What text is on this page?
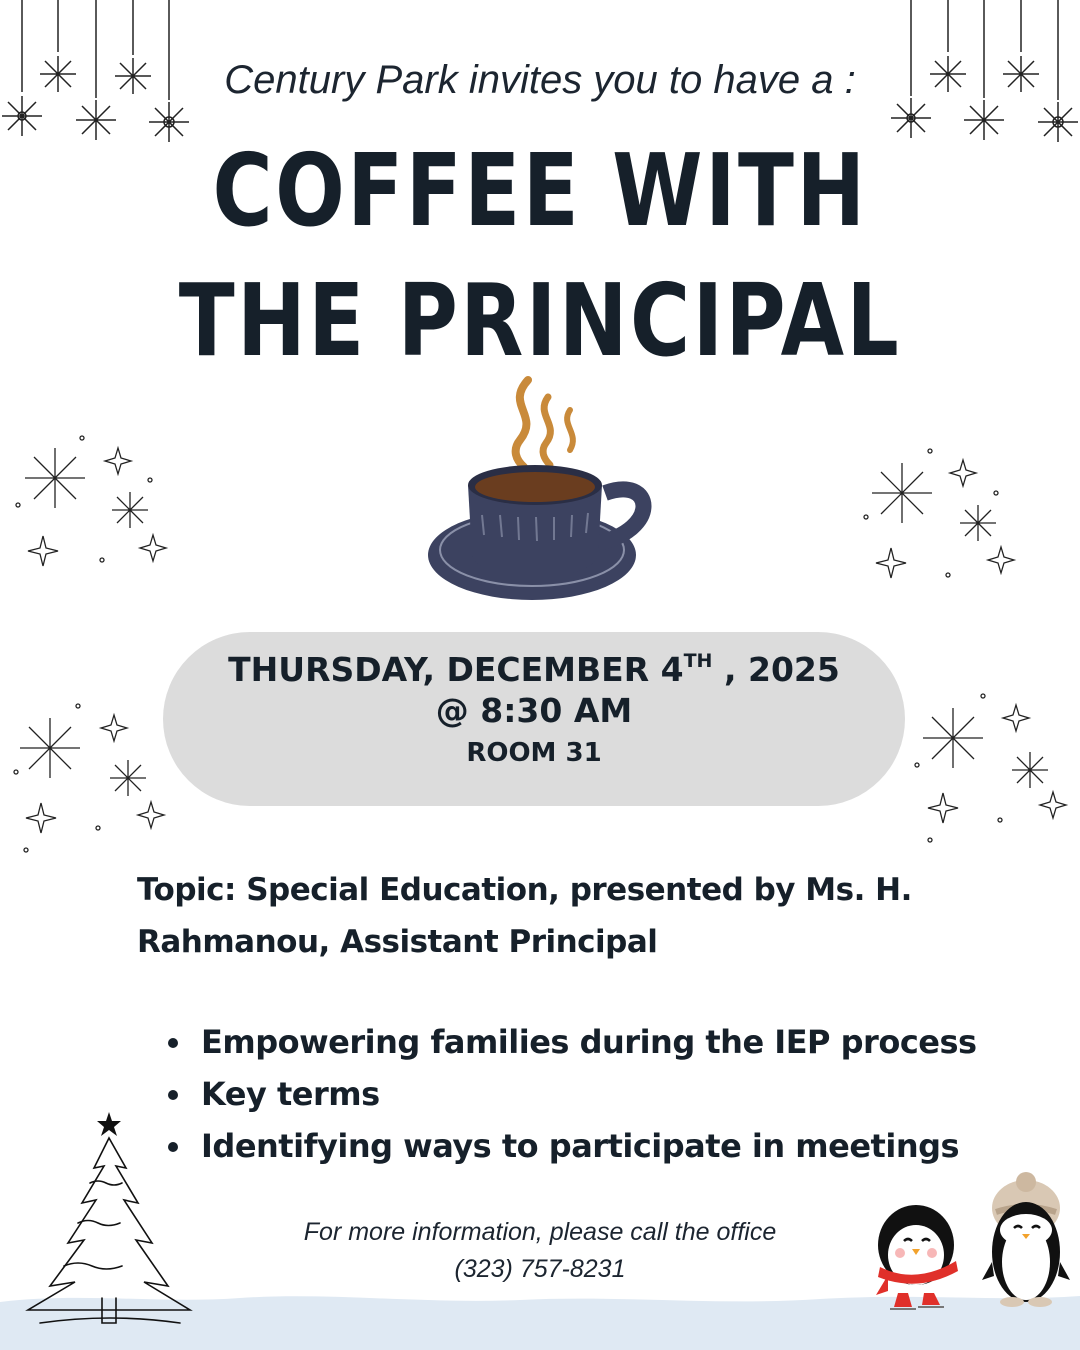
Century Park invites you to have a :
COFFEE WITH
THE PRINCIPAL
THURSDAY, DECEMBER 4TH , 2025
@ 8:30 AM
ROOM 31
Topic: Special Education, presented by Ms. H. Rahmanou, Assistant Principal
Empowering families during the IEP process
Key terms
Identifying ways to participate in meetings
For more information, please call the office
(323) 757-8231
